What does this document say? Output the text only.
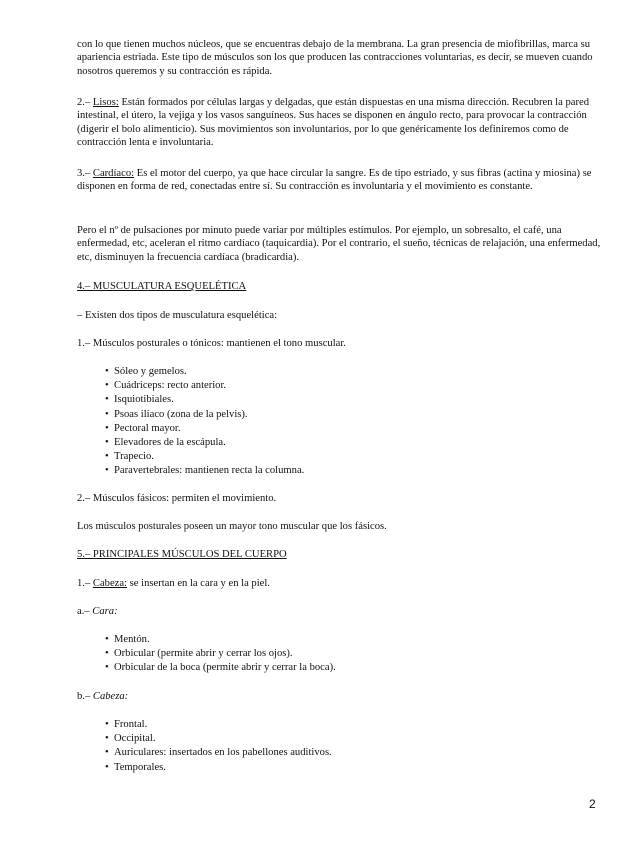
con lo que tienen muchos núcleos, que se encuentras debajo de la membrana. La gran presencia de miofibrillas, marca su apariencia estriada. Este tipo de músculos son los que producen las contracciones voluntarias, es decir, se mueven cuando nosotros queremos y su contracción es rápida.

2.– Lisos: Están formados por células largas y delgadas, que están dispuestas en una misma dirección. Recubren la pared intestinal, el útero, la vejiga y los vasos sanguíneos. Sus haces se disponen en ángulo recto, para provocar la contracción (digerir el bolo alimenticio). Sus movimientos son involuntarios, por lo que genéricamente los definiremos como de contracción lenta e involuntaria.

3.– Cardíaco: Es el motor del cuerpo, ya que hace circular la sangre. Es de tipo estriado, y sus fibras (actina y miosina) se disponen en forma de red, conectadas entre sí. Su contracción es involuntaria y el movimiento es constante.

Pero el nº de pulsaciones por minuto puede variar por múltiples estímulos. Por ejemplo, un sobresalto, el café, una enfermedad, etc, aceleran el ritmo cardíaco (taquicardia). Por el contrario, el sueño, técnicas de relajación, una enfermedad, etc, disminuyen la frecuencia cardíaca (bradicardia).

4.– MUSCULATURA ESQUELÉTICA

– Existen dos tipos de musculatura esquelética:

1.– Músculos posturales o tónicos: mantienen el tono muscular.

• Sóleo y gemelos.
• Cuádriceps: recto anterior.
• Isquiotibiales.
• Psoas ilíaco (zona de la pelvis).
• Pectoral mayor.
• Elevadores de la escápula.
• Trapecio.
• Paravertebrales: mantienen recta la columna.

2.– Músculos fásicos: permiten el movimiento.

Los músculos posturales poseen un mayor tono muscular que los fásicos.

5.– PRINCIPALES MÚSCULOS DEL CUERPO

1.– Cabeza: se insertan en la cara y en la piel.

a.– Cara:

• Mentón.
• Orbicular (permite abrir y cerrar los ojos).
• Orbicular de la boca (permite abrir y cerrar la boca).

b.– Cabeza:

• Frontal.
• Occipital.
• Auriculares: insertados en los pabellones auditivos.
• Temporales.
2
